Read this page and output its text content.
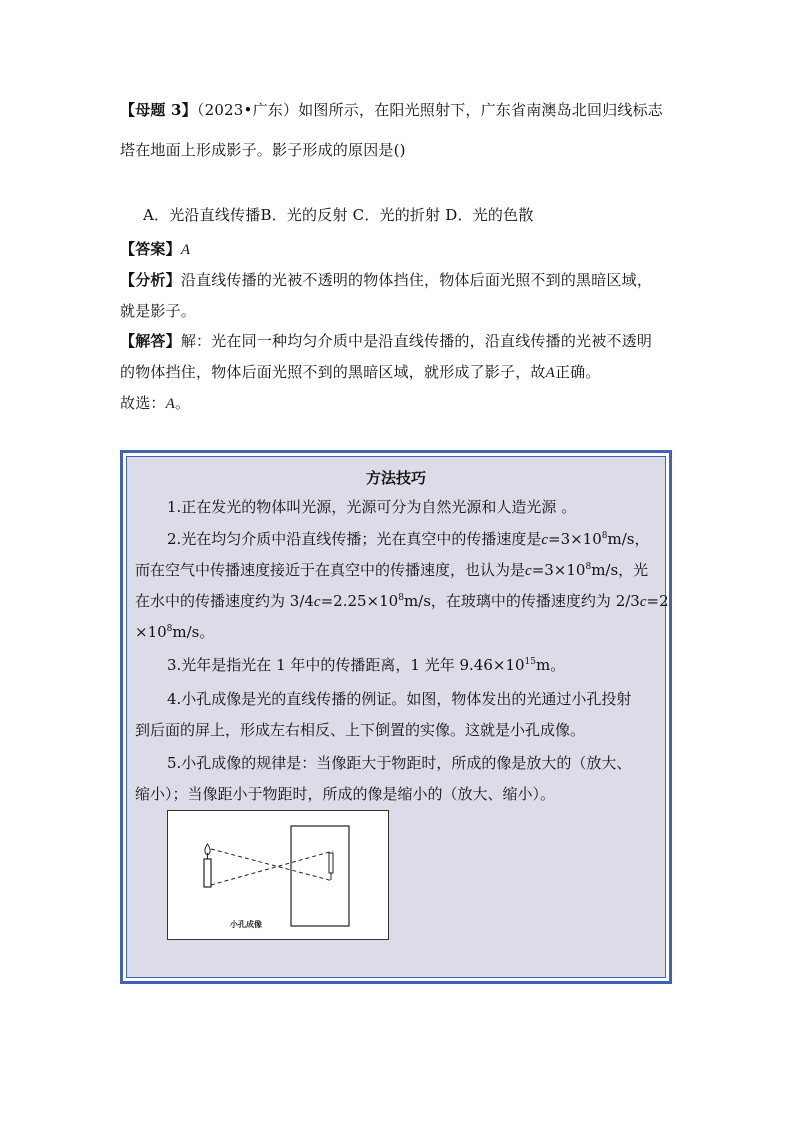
【母题 3】（2023•广东）如图所示，在阳光照射下，广东省南澳岛北回归线标志
塔在地面上形成影子。影子形成的原因是()
A．光沿直线传播B．光的反射 C．光的折射 D．光的色散
【答案】A
【分析】沿直线传播的光被不透明的物体挡住，物体后面光照不到的黑暗区域，
就是影子。
【解答】解：光在同一种均匀介质中是沿直线传播的，沿直线传播的光被不透明
的物体挡住，物体后面光照不到的黑暗区域，就形成了影子，故A正确。
故选：A。
方法技巧
1.正在发光的物体叫光源，光源可分为自然光源和人造光源 。
2.光在均匀介质中沿直线传播；光在真空中的传播速度是$c=3\times 10^8m/s$，
而在空气中传播速度接近于在真空中的传播速度，也认为是$c=3\times 10^8m/s$，光
在水中的传播速度约为 $3/4c=2.25\times 10^8m/s$，在玻璃中的传播速度约为 2/3c=2
$\times 10^8m/s$。
3.光年是指光在 1 年中的传播距离，1 光年 $9.46\times 10^{15}m$。
4.小孔成像是光的直线传播的例证。如图，物体发出的光通过小孔投射
到后面的屏上，形成左右相反、上下倒置的实像。这就是小孔成像。
5.小孔成像的规律是：当像距大于物距时，所成的像是放大的（放大、
缩小）；当像距小于物距时，所成的像是缩小的（放大、缩小）。
小孔成像
